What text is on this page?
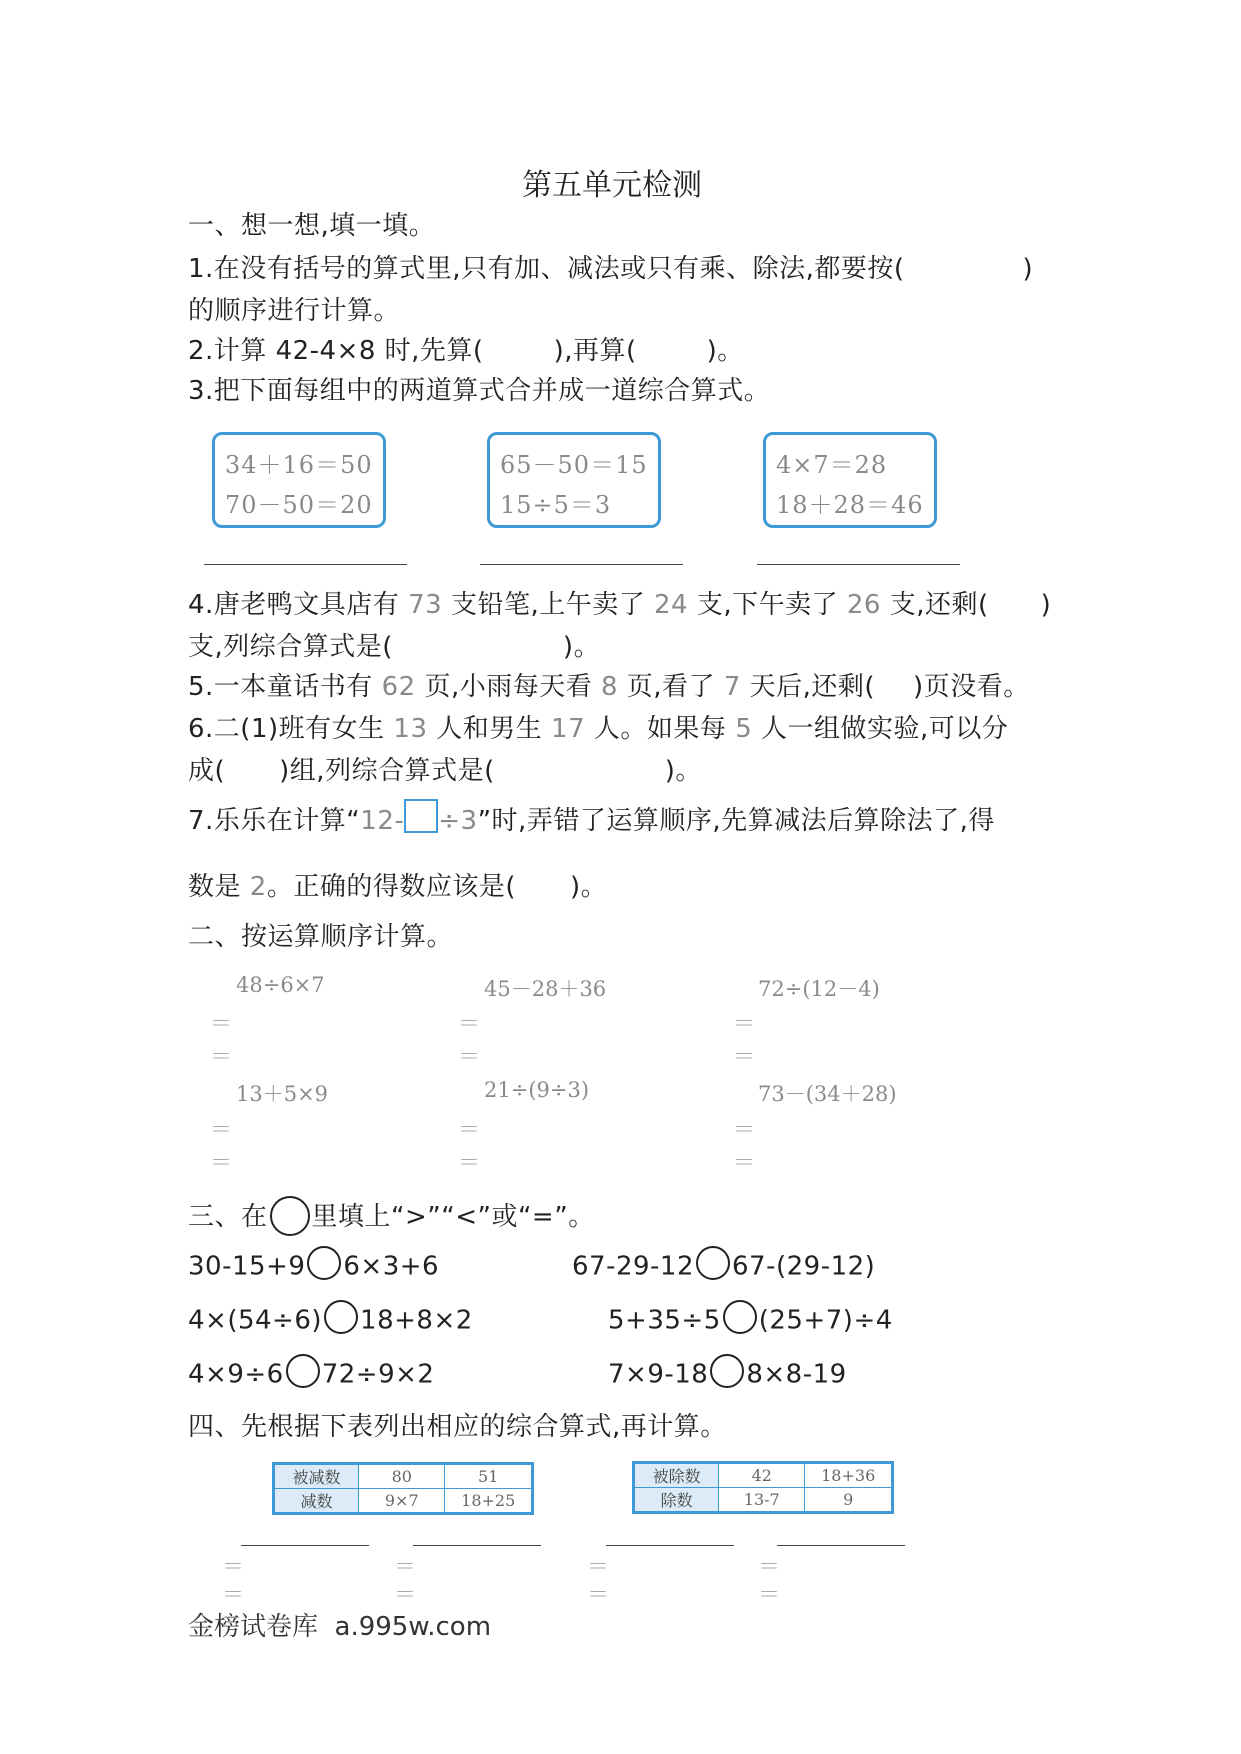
第五单元检测
一、想一想,填一填。
1.在没有括号的算式里,只有加、减法或只有乘、除法,都要按(	)
的顺序进行计算。
2.计算 42-4×8 时,先算(	),再算(	)。
3.把下面每组中的两道算式合并成一道综合算式。
34＋16＝50
70－50＝20
65－50＝15
15÷5＝3
4×7＝28
18＋28＝46
4.唐老鸭文具店有 73 支铅笔,上午卖了 24 支,下午卖了 26 支,还剩( )
支,列综合算式是(	)。
5.一本童话书有 62 页,小雨每天看 8 页,看了 7 天后,还剩( )页没看。
6.二(1)班有女生 13 人和男生 17 人。如果每 5 人一组做实验,可以分
成( )组,列综合算式是(	)。
7.乐乐在计算“12- ÷3”时,弄错了运算顺序,先算减法后算除法了,得
数是 2。正确的得数应该是( )。
二、按运算顺序计算。
48÷6×7	45－28＋36	72÷(12－4)
＝
＝
＝
＝
＝
＝
13＋5×9	21÷(9÷3)	73－(34＋28)
＝
＝
＝
＝
＝
＝
三、在 里填上“>”“<”或“=”。
30-15+9 6×3+6	67-29-12 67-(29-12)
4×(54÷6) 18+8×2	5+35÷5 (25+7)÷4
4×9÷6 72÷9×2	7×9-18 8×8-19
四、先根据下表列出相应的综合算式,再计算。
被减数	80	51
减数	9×7	18+25
被除数	42	18+36
除数	13-7	9
＝
＝
＝
＝
＝
＝
＝
＝
金榜试卷库  a.995w.com
